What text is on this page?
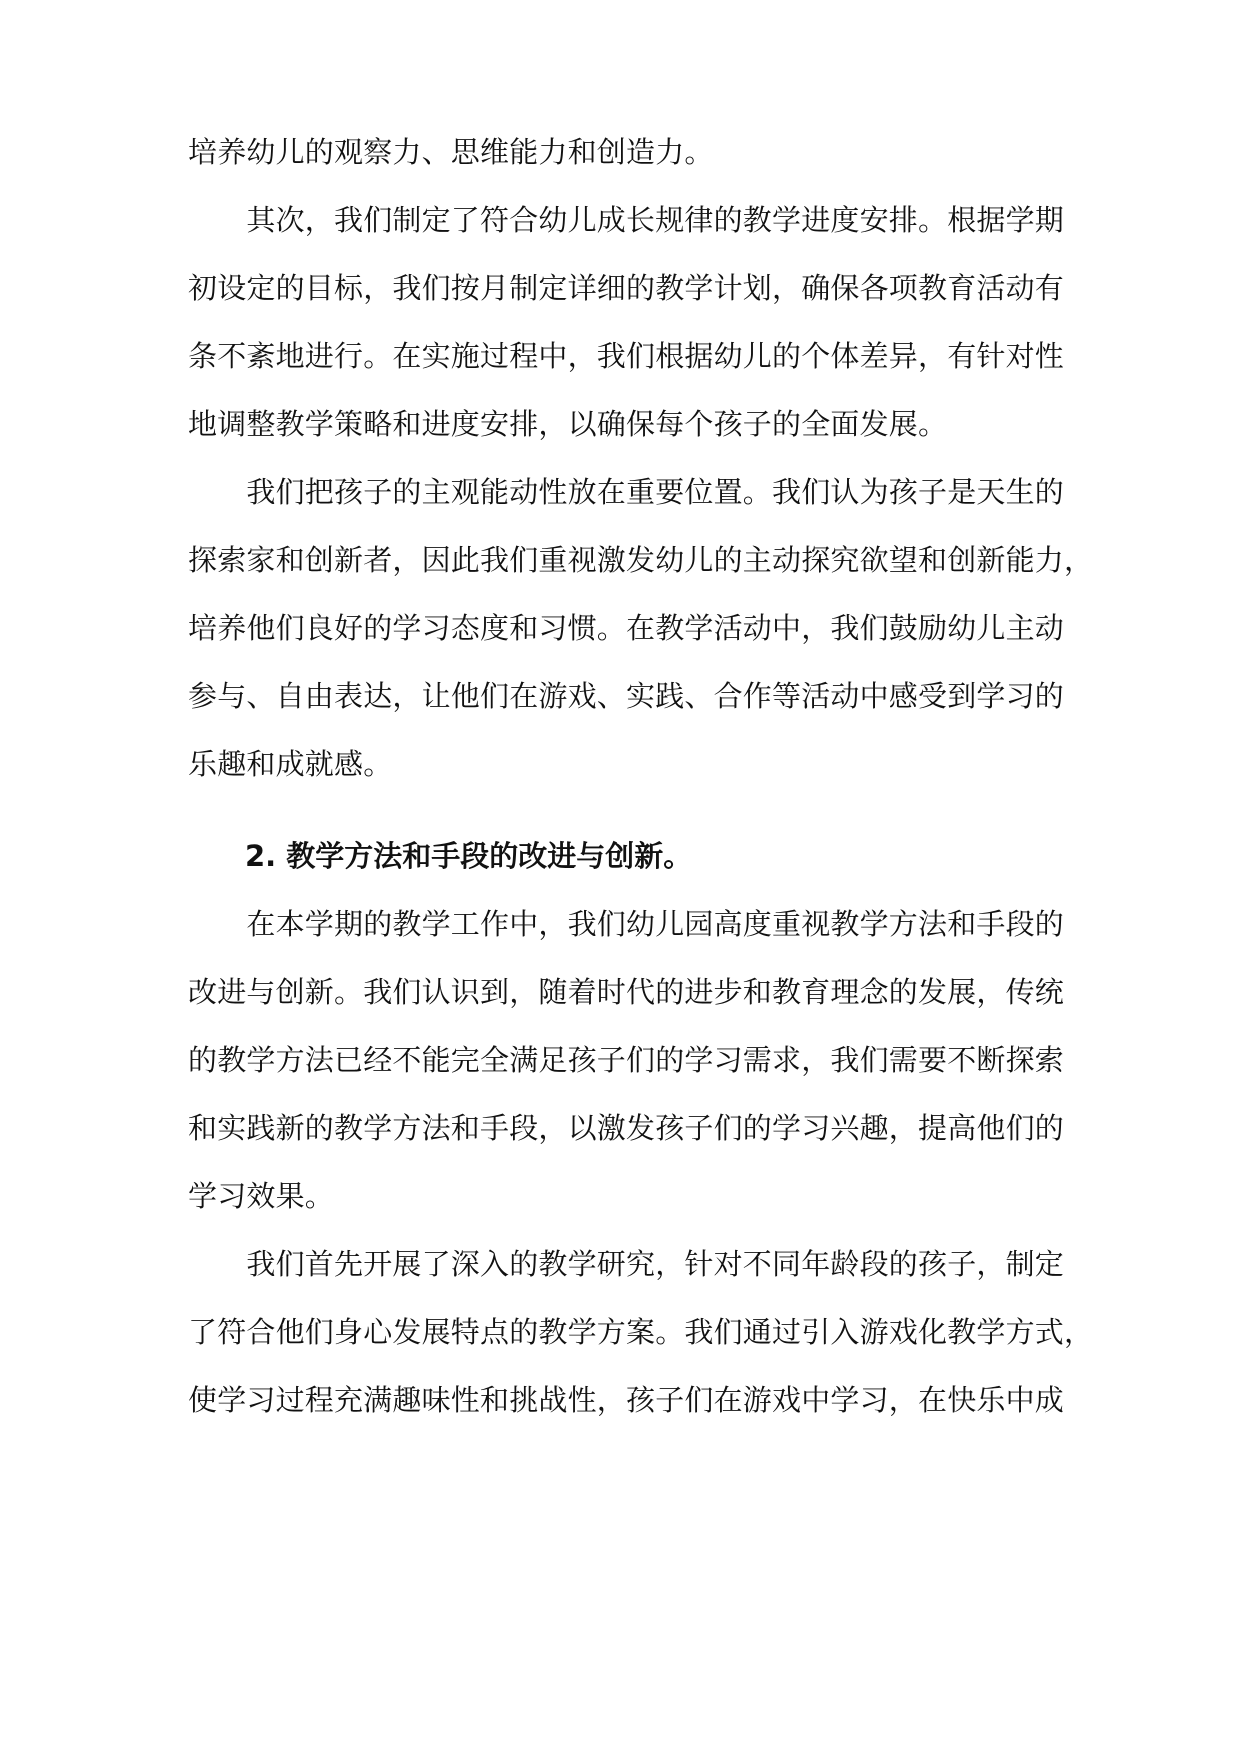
培养幼儿的观察力、思维能力和创造力。
　　其次，我们制定了符合幼儿成长规律的教学进度安排。根据学期
初设定的目标，我们按月制定详细的教学计划，确保各项教育活动有
条不紊地进行。在实施过程中，我们根据幼儿的个体差异，有针对性
地调整教学策略和进度安排，以确保每个孩子的全面发展。
　　我们把孩子的主观能动性放在重要位置。我们认为孩子是天生的
探索家和创新者，因此我们重视激发幼儿的主动探究欲望和创新能力，
培养他们良好的学习态度和习惯。在教学活动中，我们鼓励幼儿主动
参与、自由表达，让他们在游戏、实践、合作等活动中感受到学习的
乐趣和成就感。
2. 教学方法和手段的改进与创新。
　　在本学期的教学工作中，我们幼儿园高度重视教学方法和手段的
改进与创新。我们认识到，随着时代的进步和教育理念的发展，传统
的教学方法已经不能完全满足孩子们的学习需求，我们需要不断探索
和实践新的教学方法和手段，以激发孩子们的学习兴趣，提高他们的
学习效果。
　　我们首先开展了深入的教学研究，针对不同年龄段的孩子，制定
了符合他们身心发展特点的教学方案。我们通过引入游戏化教学方式，
使学习过程充满趣味性和挑战性，孩子们在游戏中学习，在快乐中成
